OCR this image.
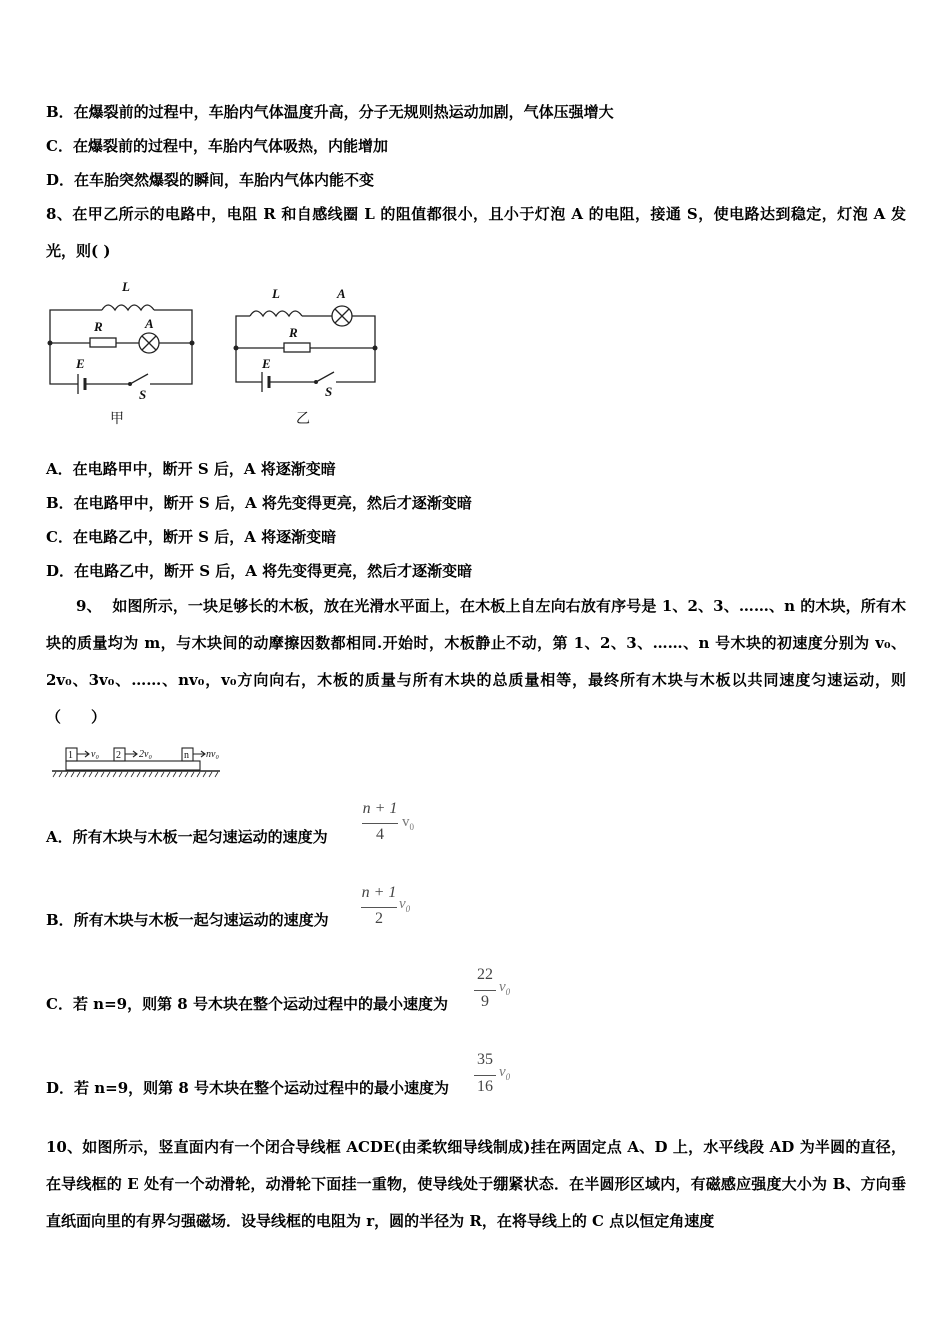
B．在爆裂前的过程中，车胎内气体温度升高，分子无规则热运动加剧，气体压强增大
C．在爆裂前的过程中，车胎内气体吸热，内能增加
D．在车胎突然爆裂的瞬间，车胎内气体内能不变
8、在甲乙所示的电路中，电阻 R 和自感线圈 L 的阻值都很小，且小于灯泡 A 的电阻，接通 S，使电路达到稳定，灯泡 A 发光，则( )
L
R	A
E
S
L
R
A
E
S
甲	乙
A．在电路甲中，断开 S 后，A 将逐渐变暗
B．在电路甲中，断开 S 后，A 将先变得更亮，然后才逐渐变暗
C．在电路乙中，断开 S 后，A 将逐渐变暗
D．在电路乙中，断开 S 后，A 将先变得更亮，然后才逐渐变暗
9、 如图所示，一块足够长的木板，放在光滑水平面上，在木板上自左向右放有序号是 1、2、3、……、n 的木块，所有木块的质量均为 m，与木块间的动摩擦因数都相同.开始时，木板静止不动，第 1、2、3、……、n 号木块的初速度分别为 v₀、2v₀、3v₀、……、nv₀，v₀方向向右，木板的质量与所有木块的总质量相等，最终所有木块与木板以共同速度匀速运动，则（　　）
1	2	n
v₀	2v₀	nv₀
A．所有木块与木板一起匀速运动的速度为
n + 1
4
$v_0$
B．所有木块与木板一起匀速运动的速度为
n + 1
2
$v_0$
C．若 n=9，则第 8 号木块在整个运动过程中的最小速度为
22
9
$v_0$
D．若 n=9，则第 8 号木块在整个运动过程中的最小速度为
35
16
$v_0$
10、如图所示，竖直面内有一个闭合导线框 ACDE(由柔软细导线制成)挂在两固定点 A、D 上，水平线段 AD 为半圆的直径，在导线框的 E 处有一个动滑轮，动滑轮下面挂一重物，使导线处于绷紧状态．在半圆形区域内，有磁感应强度大小为 B、方向垂直纸面向里的有界匀强磁场．设导线框的电阻为 r，圆的半径为 R，在将导线上的 C 点以恒定角速度
